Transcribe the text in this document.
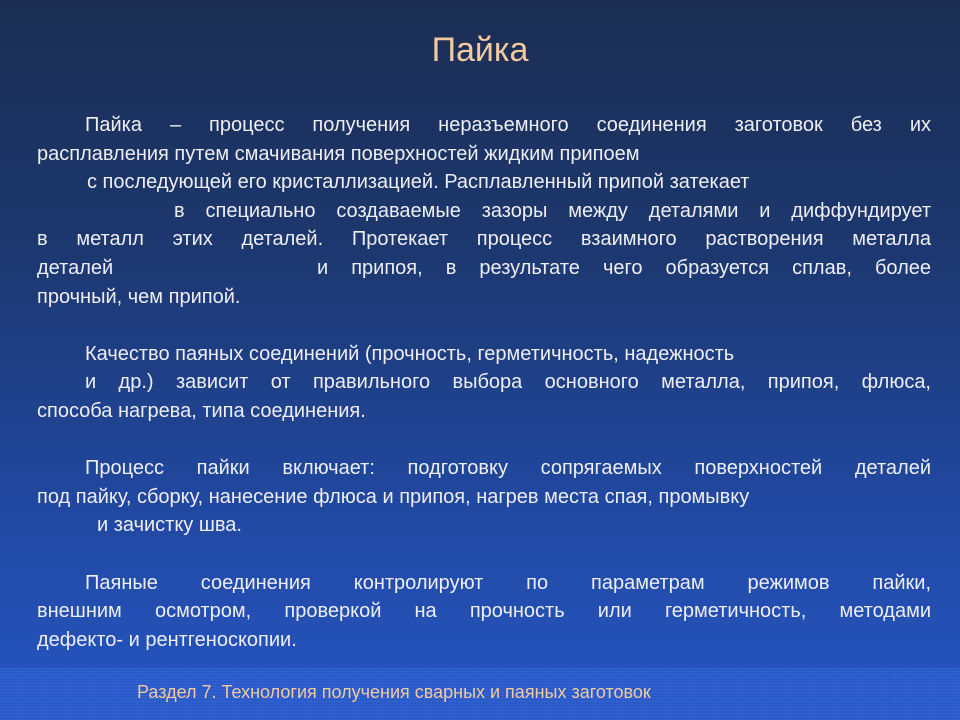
Пайка
Пайка – процесс получения неразъемного соединения заготовок без их
расплавления путем смачивания поверхностей жидким припоем
с последующей его кристаллизацией. Расплавленный припой затекает
в специально создаваемые зазоры между деталями и диффундирует
в металл этих деталей. Протекает процесс взаимного растворения металла
деталей	и припоя, в результате чего образуется сплав, более
прочный, чем припой.
Качество паяных соединений (прочность, герметичность, надежность
и др.) зависит от правильного выбора основного металла, припоя, флюса,
способа нагрева, типа соединения.
Процесс пайки включает: подготовку сопрягаемых поверхностей деталей
под пайку, сборку, нанесение флюса и припоя, нагрев места спая, промывку
и зачистку шва.
Паяные соединения контролируют по параметрам режимов пайки,
внешним осмотром, проверкой на прочность или герметичность, методами
дефекто- и рентгеноскопии.
Раздел 7. Технология получения сварных и паяных заготовок
